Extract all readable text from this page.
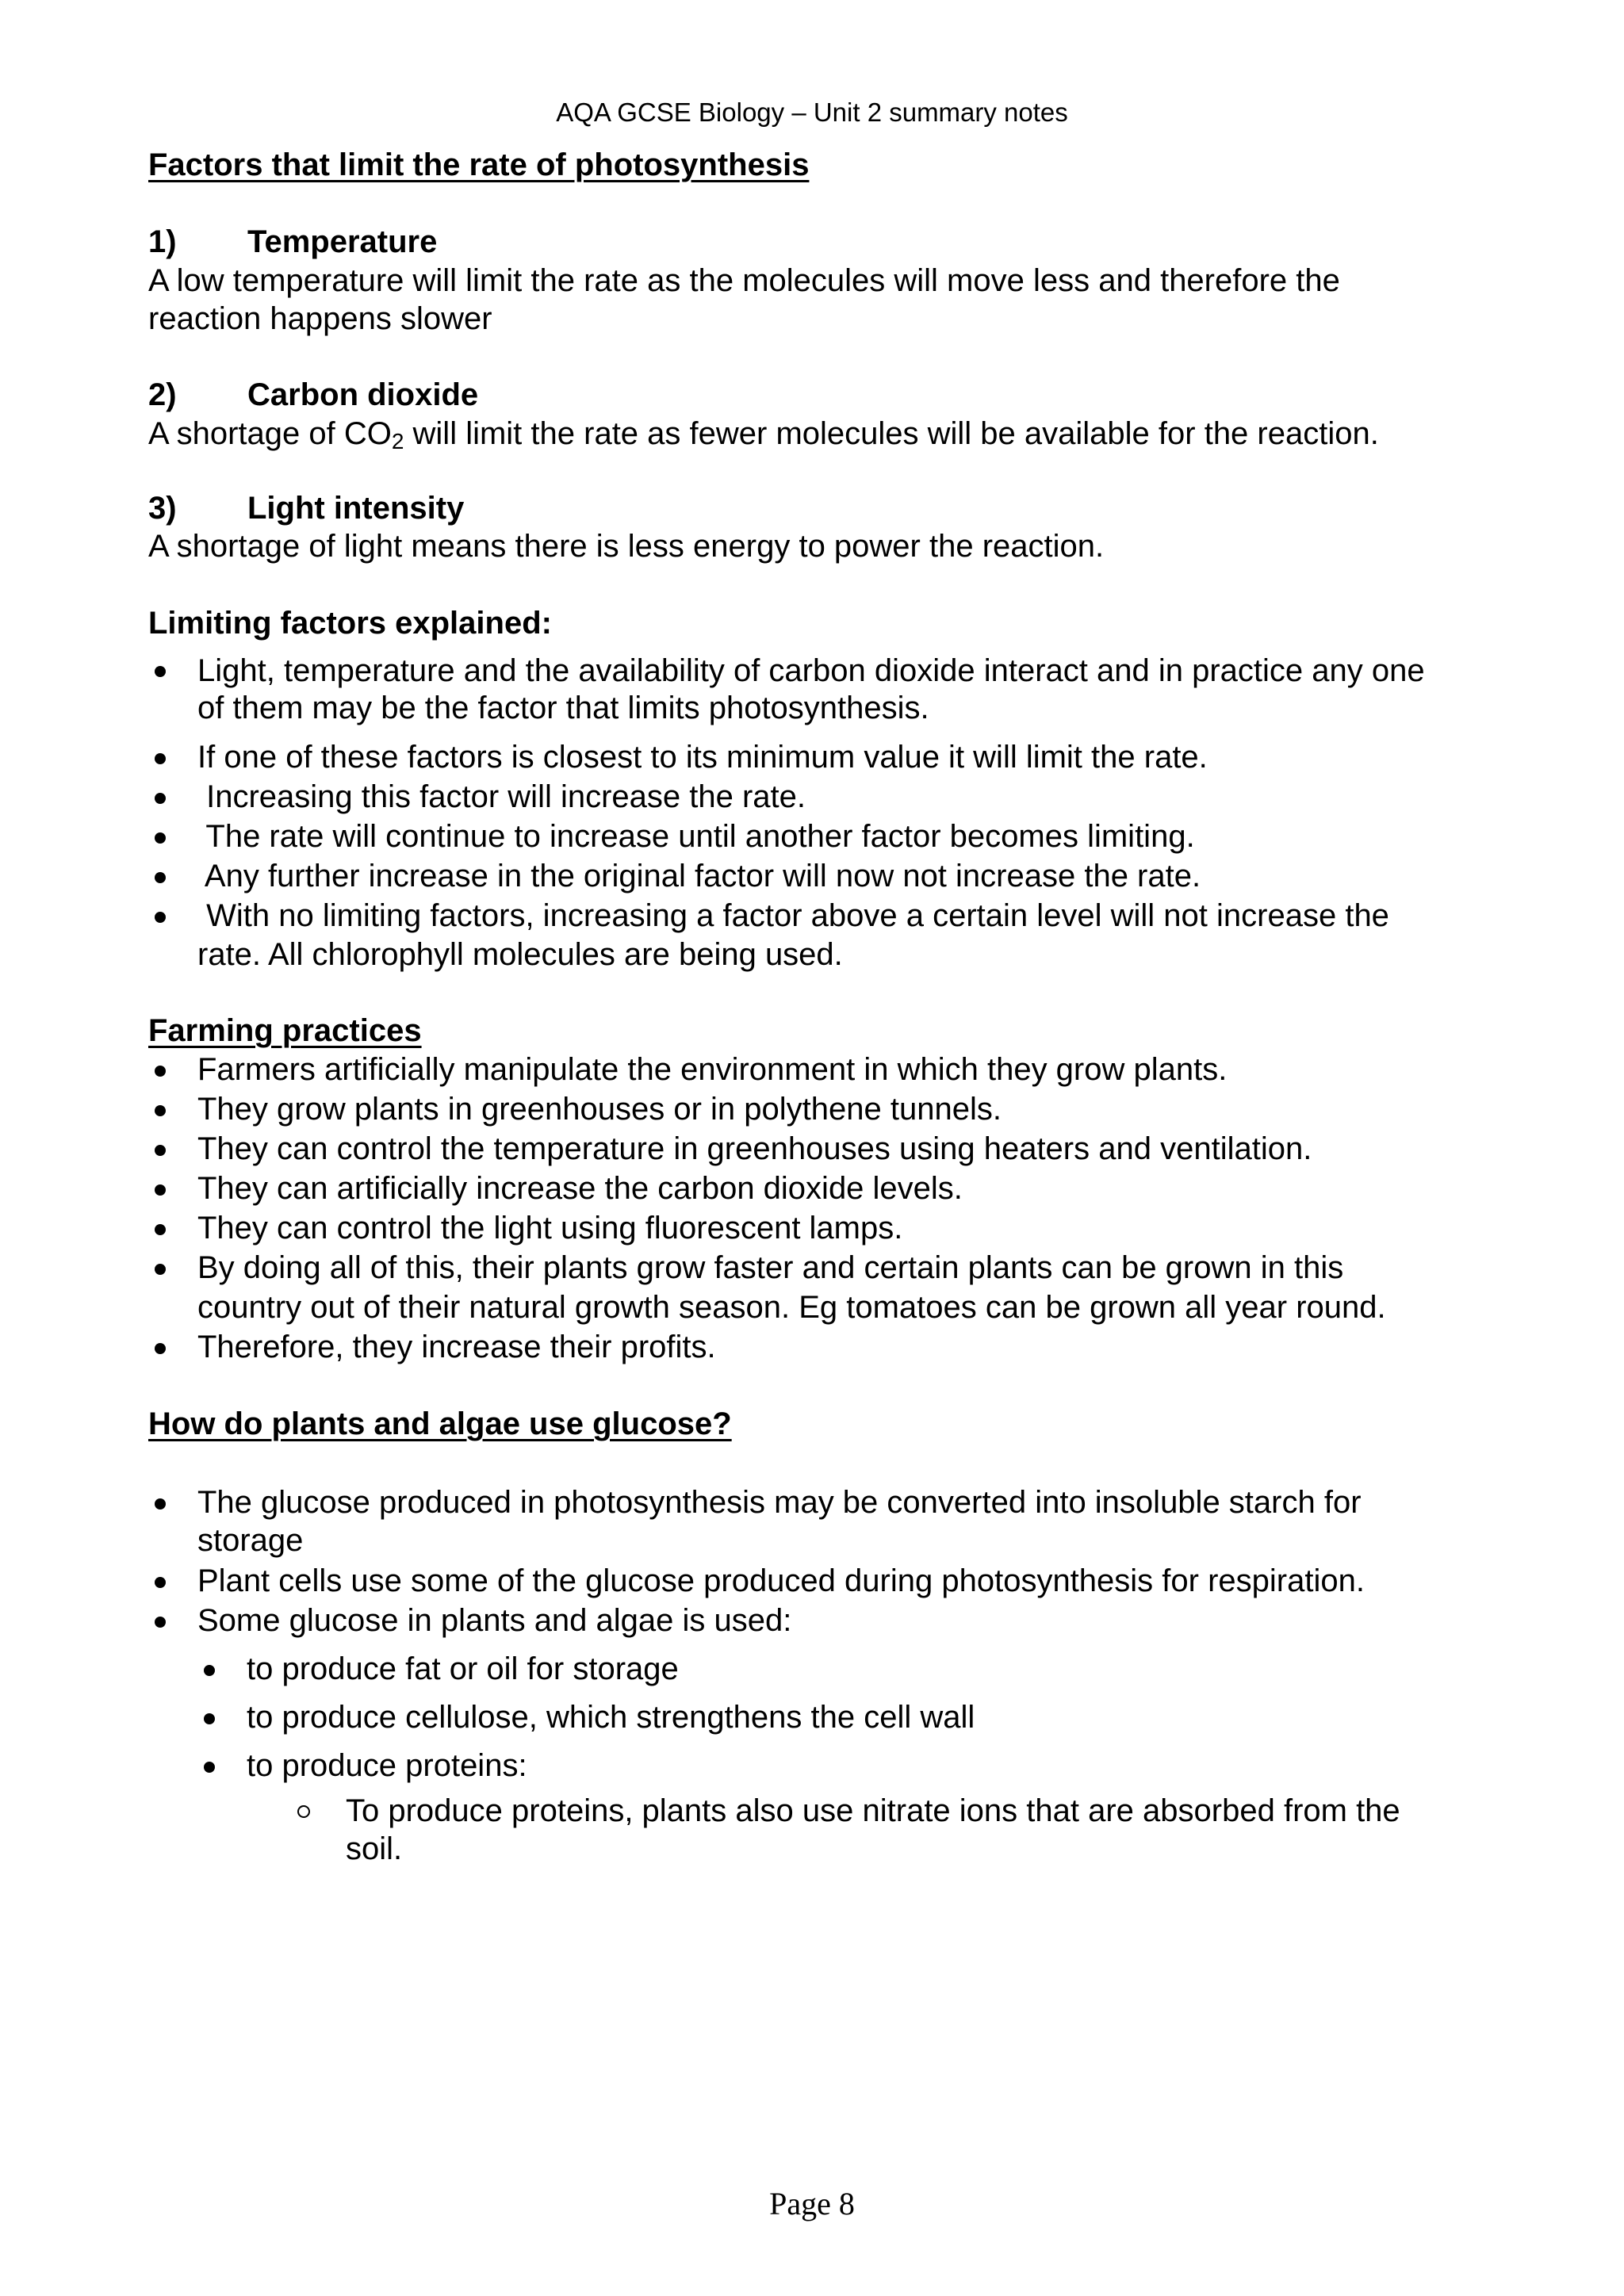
AQA GCSE Biology – Unit 2 summary notes
Factors that limit the rate of photosynthesis
1) Temperature
A low temperature will limit the rate as the molecules will move less and therefore the
reaction happens slower
2) Carbon dioxide
A shortage of $CO_2$ will limit the rate as fewer molecules will be available for the reaction.
3) Light intensity
A shortage of light means there is less energy to power the reaction.
Limiting factors explained:
Light, temperature and the availability of carbon dioxide interact and in practice any one
of them may be the factor that limits photosynthesis.
If one of these factors is closest to its minimum value it will limit the rate.
Increasing this factor will increase the rate.
The rate will continue to increase until another factor becomes limiting.
Any further increase in the original factor will now not increase the rate.
With no limiting factors, increasing a factor above a certain level will not increase the
rate. All chlorophyll molecules are being used.
Farming practices
Farmers artificially manipulate the environment in which they grow plants.
They grow plants in greenhouses or in polythene tunnels.
They can control the temperature in greenhouses using heaters and ventilation.
They can artificially increase the carbon dioxide levels.
They can control the light using fluorescent lamps.
By doing all of this, their plants grow faster and certain plants can be grown in this
country out of their natural growth season. Eg tomatoes can be grown all year round.
Therefore, they increase their profits.
How do plants and algae use glucose?
The glucose produced in photosynthesis may be converted into insoluble starch for
storage
Plant cells use some of the glucose produced during photosynthesis for respiration.
Some glucose in plants and algae is used:
to produce fat or oil for storage
to produce cellulose, which strengthens the cell wall
to produce proteins:
To produce proteins, plants also use nitrate ions that are absorbed from the
soil.
Page 8
